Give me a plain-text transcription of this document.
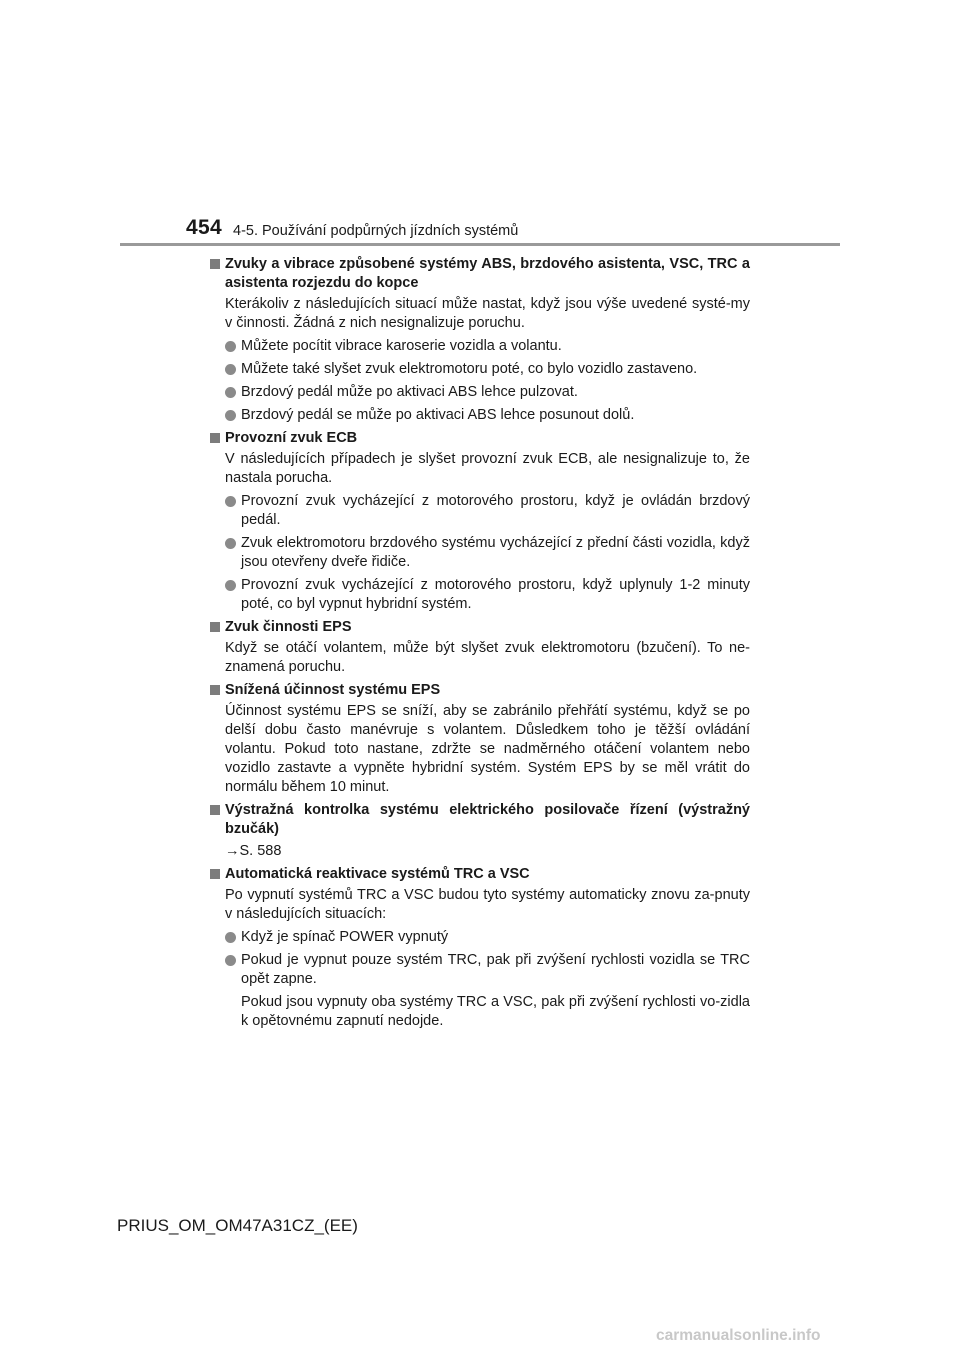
454 4-5. Používání podpůrných jízdních systémů
Zvuky a vibrace způsobené systémy ABS, brzdového asistenta, VSC, TRC a asistenta rozjezdu do kopce
Kterákoliv z následujících situací může nastat, když jsou výše uvedené systé-my v činnosti. Žádná z nich nesignalizuje poruchu.
Můžete pocítit vibrace karoserie vozidla a volantu.
Můžete také slyšet zvuk elektromotoru poté, co bylo vozidlo zastaveno.
Brzdový pedál může po aktivaci ABS lehce pulzovat.
Brzdový pedál se může po aktivaci ABS lehce posunout dolů.
Provozní zvuk ECB
V následujících případech je slyšet provozní zvuk ECB, ale nesignalizuje to, že nastala porucha.
Provozní zvuk vycházející z motorového prostoru, když je ovládán brzdový pedál.
Zvuk elektromotoru brzdového systému vycházející z přední části vozidla, když jsou otevřeny dveře řidiče.
Provozní zvuk vycházející z motorového prostoru, když uplynuly 1-2 minuty poté, co byl vypnut hybridní systém.
Zvuk činnosti EPS
Když se otáčí volantem, může být slyšet zvuk elektromotoru (bzučení). To ne-znamená poruchu.
Snížená účinnost systému EPS
Účinnost systému EPS se sníží, aby se zabránilo přehřátí systému, když se po delší dobu často manévruje s volantem. Důsledkem toho je těžší ovládání volantu. Pokud toto nastane, zdržte se nadměrného otáčení volantem nebo vozidlo zastavte a vypněte hybridní systém. Systém EPS by se měl vrátit do normálu během 10 minut.
Výstražná kontrolka systému elektrického posilovače řízení (výstražný bzučák)
→S. 588
Automatická reaktivace systémů TRC a VSC
Po vypnutí systémů TRC a VSC budou tyto systémy automaticky znovu za-pnuty v následujících situacích:
Když je spínač POWER vypnutý
Pokud je vypnut pouze systém TRC, pak při zvýšení rychlosti vozidla se TRC opět zapne.
Pokud jsou vypnuty oba systémy TRC a VSC, pak při zvýšení rychlosti vo-zidla k opětovnému zapnutí nedojde.
PRIUS_OM_OM47A31CZ_(EE)
carmanualsonline.info
